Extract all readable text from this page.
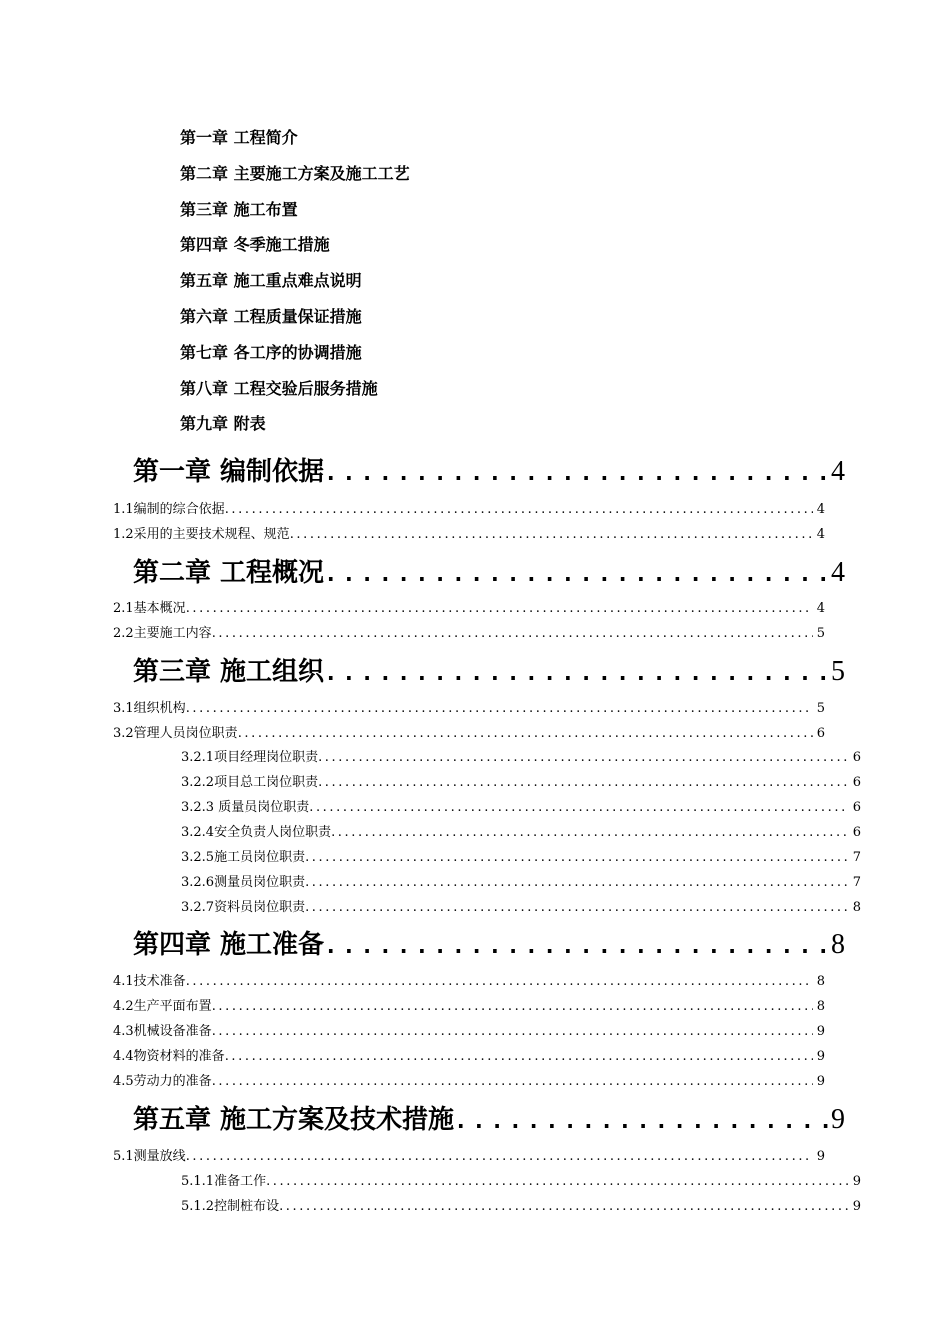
第一章 工程简介
第二章 主要施工方案及施工工艺
第三章 施工布置
第四章 冬季施工措施
第五章 施工重点难点说明
第六章 工程质量保证措施
第七章 各工序的协调措施
第八章 工程交验后服务措施
第九章 附表
第一章 编制依据 .....	4
1.1编制的综合依据 .....	4
1.2采用的主要技术规程、规范 .....	4
第二章 工程概况 .....	4
2.1基本概况 .....	4
2.2主要施工内容 .....	5
第三章 施工组织 .....	5
3.1组织机构 .....	5
3.2管理人员岗位职责 .....	6
3.2.1项目经理岗位职责 .....	6
3.2.2项目总工岗位职责 .....	6
3.2.3 质量员岗位职责 .....	6
3.2.4安全负责人岗位职责 .....	6
3.2.5施工员岗位职责 .....	7
3.2.6测量员岗位职责 .....	7
3.2.7资料员岗位职责 .....	8
第四章 施工准备 .....	8
4.1技术准备 .....	8
4.2生产平面布置 .....	8
4.3机械设备准备 .....	9
4.4物资材料的准备 .....	9
4.5劳动力的准备 .....	9
第五章 施工方案及技术措施 .....	9
5.1测量放线 .....	9
5.1.1准备工作 .....	9
5.1.2控制桩布设 .....	9
